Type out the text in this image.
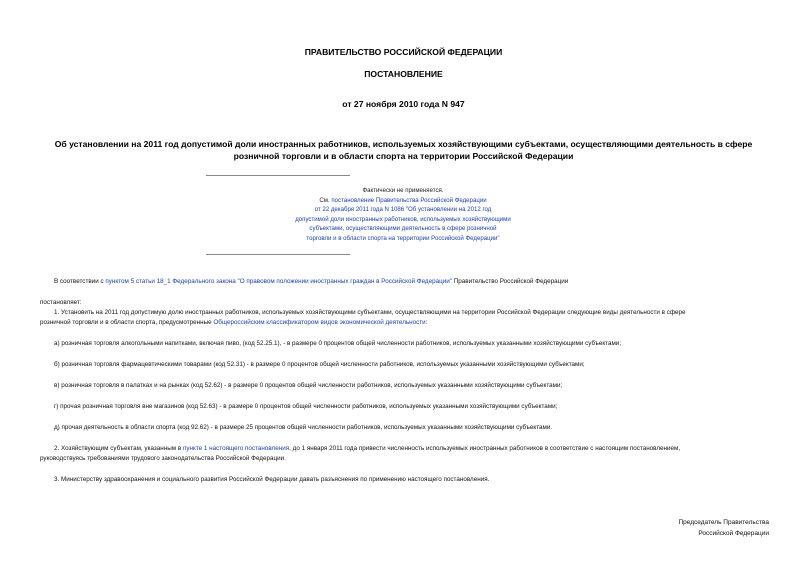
ПРАВИТЕЛЬСТВО РОССИЙСКОЙ ФЕДЕРАЦИИ
ПОСТАНОВЛЕНИЕ
от 27 ноября 2010 года N 947
Об установлении на 2011 год допустимой доли иностранных работников, используемых хозяйствующими субъектами, осуществляющими деятельность в сфере
розничной торговли и в области спорта на территории Российской Федерации
Фактически не применяется.
См. постановление Правительства Российской Федерации
от 22 декабря 2011 года N 1086 "Об установлении на 2012 год
допустимой доли иностранных работников, используемых хозяйствующими
субъектами, осуществляющими деятельность в сфере розничной
торговли и в области спорта на территории Российской Федерации"
В соответствии с пунктом 5 статьи 18_1 Федерального закона "О правовом положении иностранных граждан в Российской Федерации" Правительство Российской Федерации
постановляет:
1. Установить на 2011 год допустимую долю иностранных работников, используемых хозяйствующими субъектами, осуществляющими на территории Российской Федерации следующие виды деятельности в сфере
розничной торговли и в области спорта, предусмотренные Общероссийским классификатором видов экономической деятельности:
а) розничная торговля алкогольными напитками, включая пиво, (код 52.25.1), - в размере 0 процентов общей численности работников, используемых указанными хозяйствующими субъектами;
б) розничная торговля фармацевтическими товарами (код 52.31) - в размере 0 процентов общей численности работников, используемых указанными хозяйствующими субъектами;
в) розничная торговля в палатках и на рынках (код 52.62) - в размере 0 процентов общей численности работников, используемых указанными хозяйствующими субъектами;
г) прочая розничная торговля вне магазинов (код 52.63) - в размере 0 процентов общей численности работников, используемых указанными хозяйствующими субъектами;
д) прочая деятельность в области спорта (код 92.62) - в размере 25 процентов общей численности работников, используемых указанными хозяйствующими субъектами.
2. Хозяйствующим субъектам, указанным в пункте 1 настоящего постановления, до 1 января 2011 года привести численность используемых иностранных работников в соответствие с настоящим постановлением,
руководствуясь требованиями трудового законодательства Российской Федерации.
3. Министерству здравоохранения и социального развития Российской Федерации давать разъяснения по применению настоящего постановления.
Председатель Правительства
Российской Федерации
